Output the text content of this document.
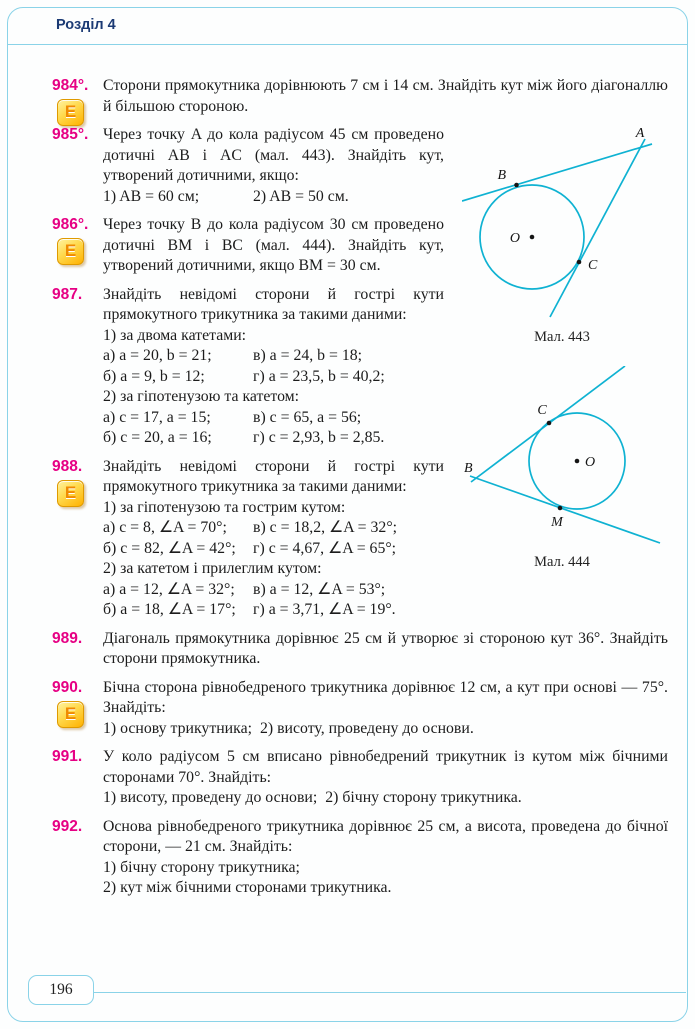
Розділ 4
984°.
Е
Сторони прямокутника дорівнюють 7 см і 14 см. Знайдіть кут між його діагоналлю й більшою стороною.
A
B
C
O
Мал. 443
B
C
M
O
Мал. 444
985°. Через точку A до кола радіусом 45 см проведено дотичні AB і AC (мал. 443). Знайдіть кут, утворений дотичними, якщо:
1) AB = 60 см;	2) AB = 50 см.
986°.
Е
Через точку B до кола радіусом 30 см проведено дотичні BM і BC (мал. 444). Знайдіть кут, утворений дотичними, якщо BM = 30 см.
987. Знайдіть невідомі сторони й гострі кути прямокутного трикутника за такими даними:
1) за двома катетами:
а) a = 20, b = 21;	в) a = 24, b = 18;
б) a = 9, b = 12;	г) a = 23,5, b = 40,2;
2) за гіпотенузою та катетом:
а) c = 17, a = 15;	в) c = 65, a = 56;
б) c = 20, a = 16;	г) c = 2,93, b = 2,85.
988.
Е
Знайдіть невідомі сторони й гострі кути прямокутного трикутника за такими даними:
1) за гіпотенузою та гострим кутом:
а) c = 8, ∠A = 70°; в) c = 18,2, ∠A = 32°;
б) c = 82, ∠A = 42°; г) c = 4,67, ∠A = 65°;
2) за катетом і прилеглим кутом:
а) a = 12, ∠A = 32°; в) a = 12, ∠A = 53°;
б) a = 18, ∠A = 17°; г) a = 3,71, ∠A = 19°.
989. Діагональ прямокутника дорівнює 25 см й утворює зі стороною кут 36°. Знайдіть сторони прямокутника.
990.
Е
Бічна сторона рівнобедреного трикутника дорівнює 12 см, а кут при основі — 75°. Знайдіть:
1) основу трикутника; 2) висоту, проведену до основи.
991. У коло радіусом 5 см вписано рівнобедрений трикутник із кутом між бічними сторонами 70°. Знайдіть:
1) висоту, проведену до основи; 2) бічну сторону трикутника.
992. Основа рівнобедреного трикутника дорівнює 25 см, а висота, проведена до бічної сторони, — 21 см. Знайдіть:
1) бічну сторону трикутника;
2) кут між бічними сторонами трикутника.
196
